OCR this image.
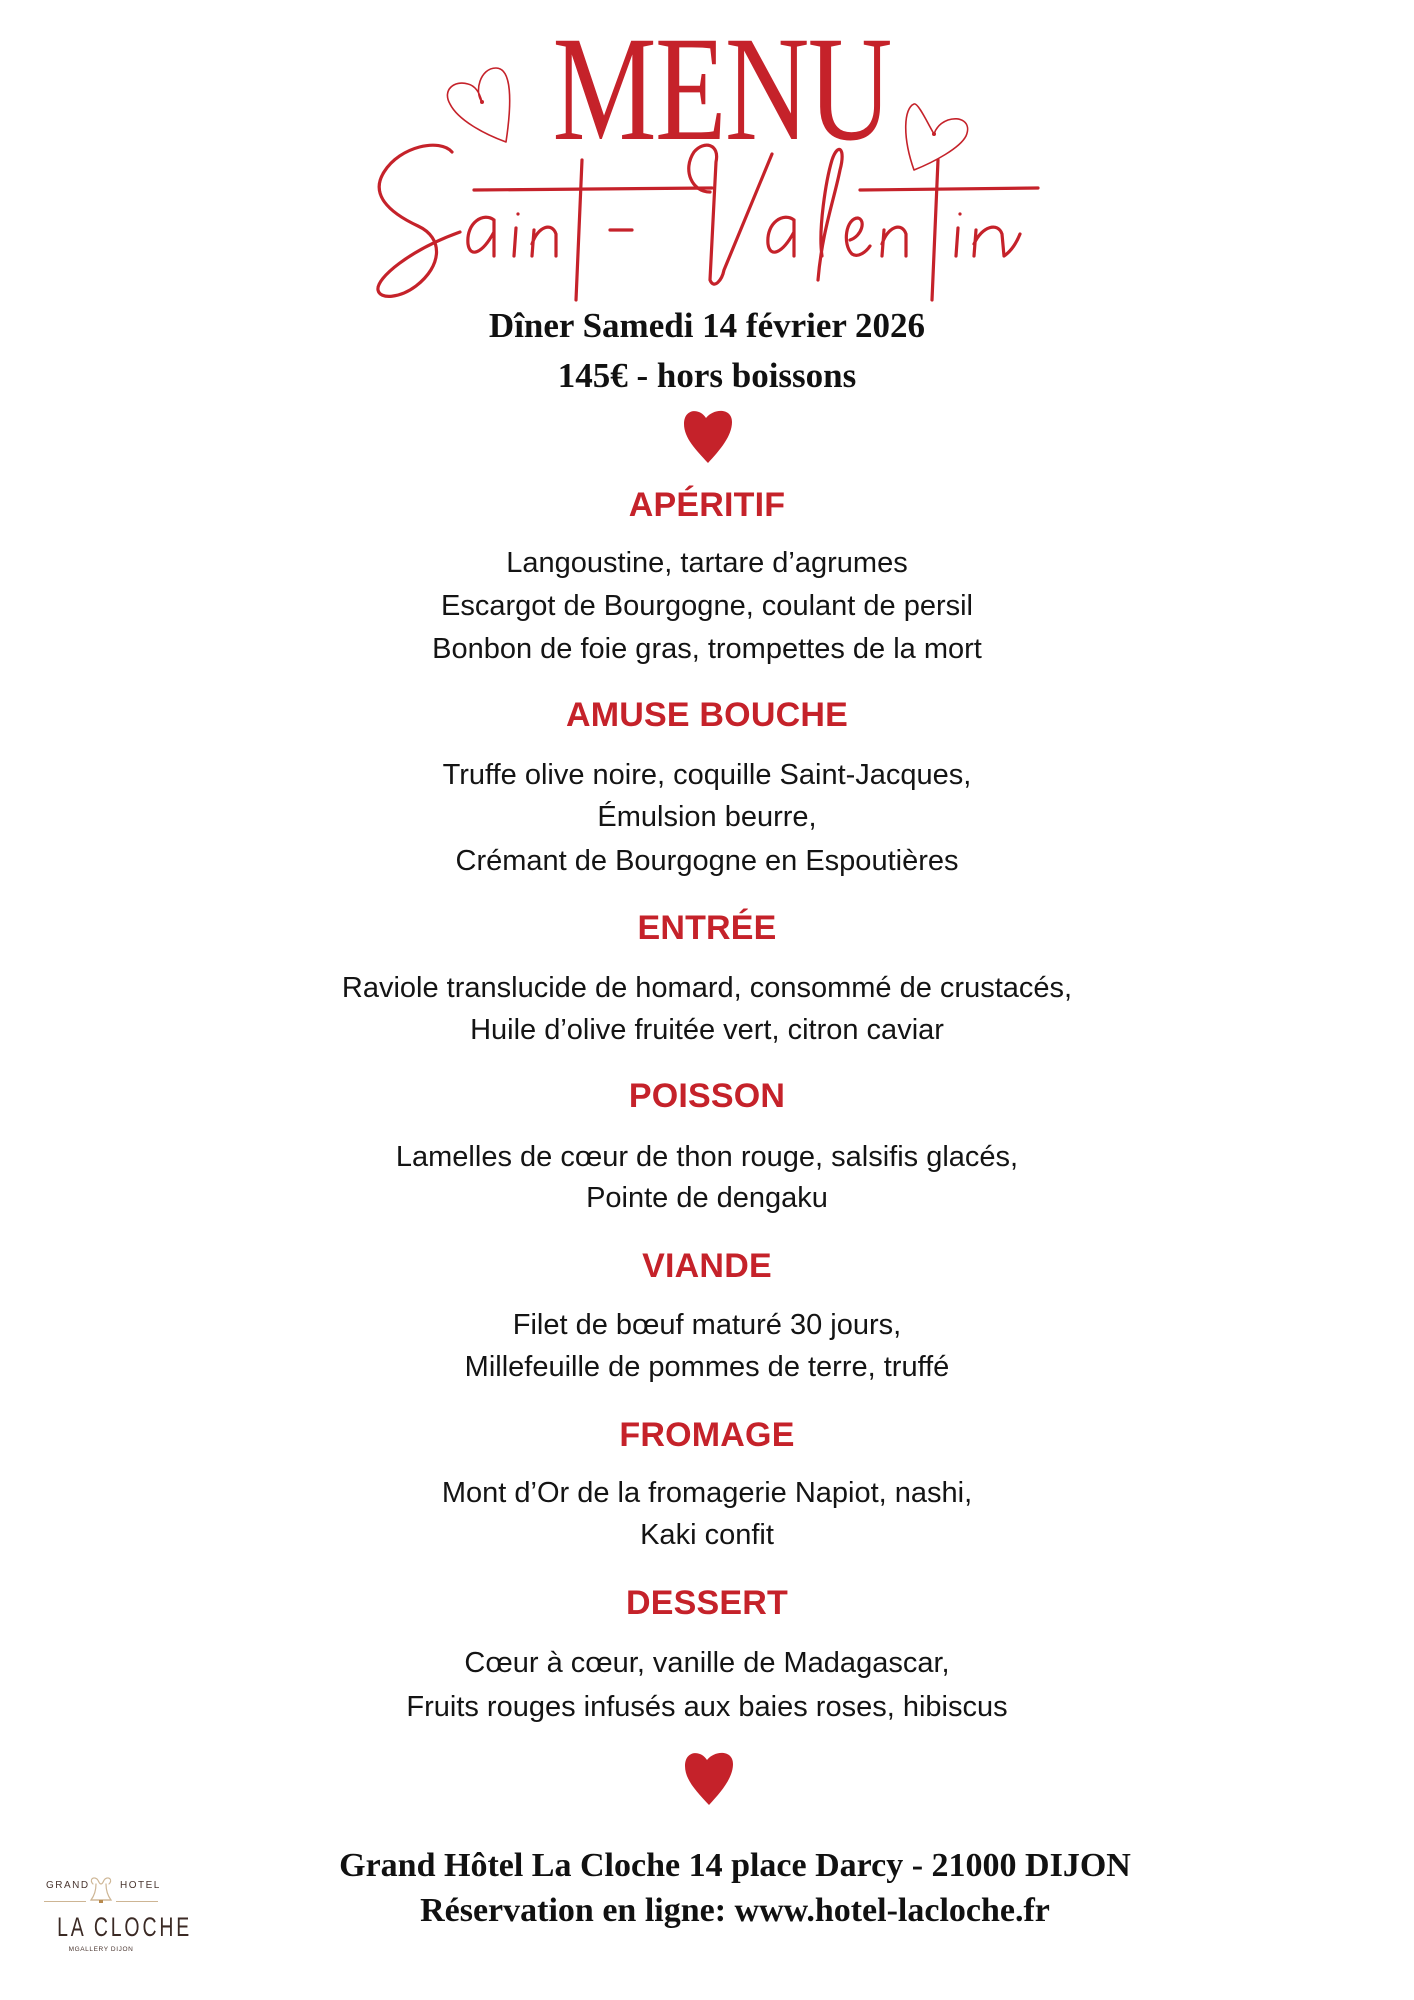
MENU
Dîner Samedi 14 février 2026
145€ - hors boissons
APÉRITIF
Langoustine, tartare d’agrumes
Escargot de Bourgogne, coulant de persil
Bonbon de foie gras, trompettes de la mort
AMUSE BOUCHE
Truffe olive noire, coquille Saint-Jacques,
Émulsion beurre,
Crémant de Bourgogne en Espoutières
ENTRÉE
Raviole translucide de homard, consommé de crustacés,
Huile d’olive fruitée vert, citron caviar
POISSON
Lamelles de cœur de thon rouge, salsifis glacés,
Pointe de dengaku
VIANDE
Filet de bœuf maturé 30 jours,
Millefeuille de pommes de terre, truffé
FROMAGE
Mont d’Or de la fromagerie Napiot, nashi,
Kaki confit
DESSERT
Cœur à cœur, vanille de Madagascar,
Fruits rouges infusés aux baies roses, hibiscus
Grand Hôtel La Cloche 14 place Darcy - 21000 DIJON
Réservation en ligne: www.hotel-lacloche.fr
GRAND	HOTEL
LA CLOCHE
MGALLERY DIJON
